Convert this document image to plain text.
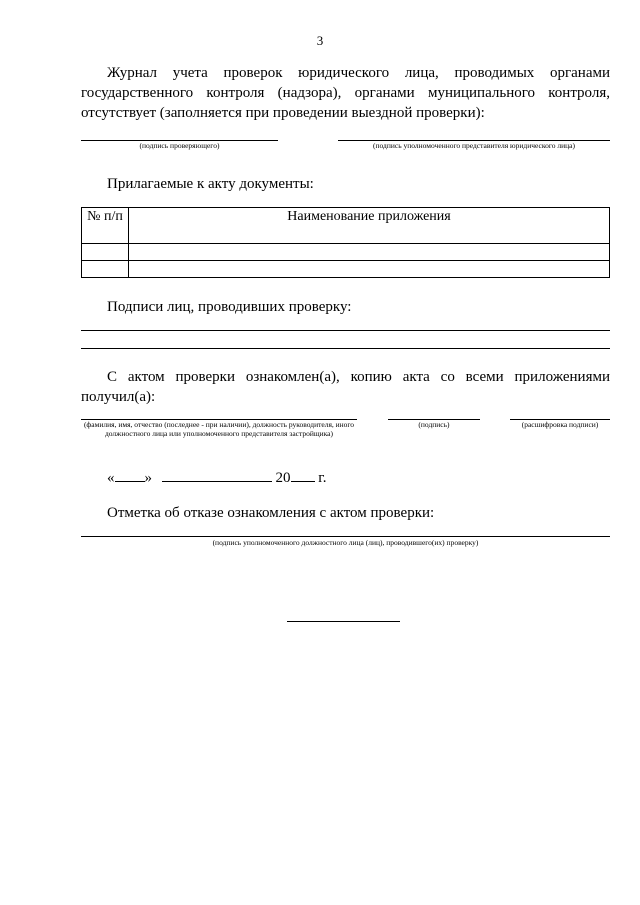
3
Журнал учета проверок юридического лица, проводимых органами государственного контроля (надзора), органами муниципального контроля, отсутствует (заполняется при проведении выездной проверки):
(подпись проверяющего)	(подпись уполномоченного представителя юридического лица)
Прилагаемые к акту документы:
№ п/п	Наименование приложения

Подписи лиц, проводивших проверку:
С актом проверки ознакомлен(а), копию акта со всеми приложениями получил(а):
(фамилия, имя, отчество (последнее - при наличии), должность руководителя, иного должностного лица или уполномоченного представителя застройщика)
(подпись)	(расшифровка подписи)
« »	20 г.
Отметка об отказе ознакомления с актом проверки:
(подпись уполномоченного должностного лица (лиц), проводившего(их) проверку)
